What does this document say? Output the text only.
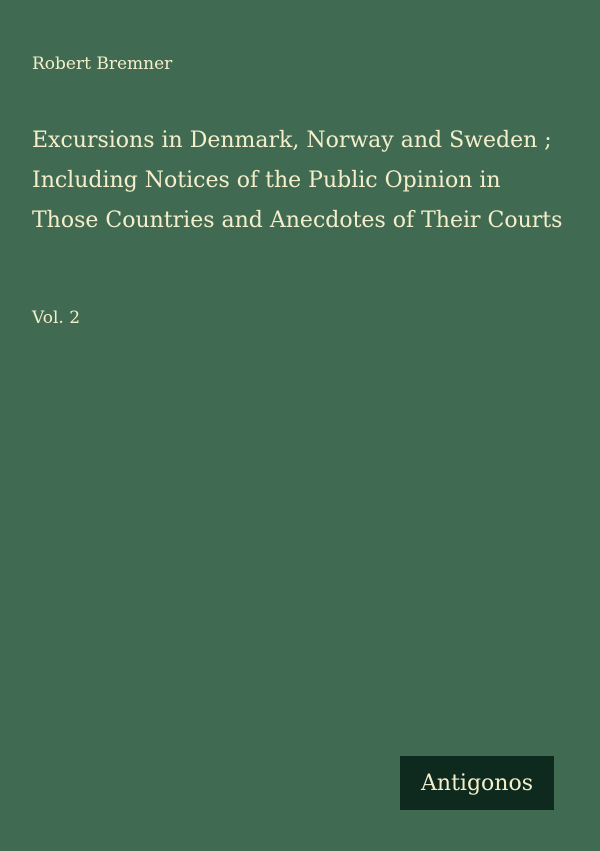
Robert Bremner

Excursions in Denmark, Norway and Sweden ; Including Notices of the Public Opinion in Those Countries and Anecdotes of Their Courts

Vol. 2

Antigonos
